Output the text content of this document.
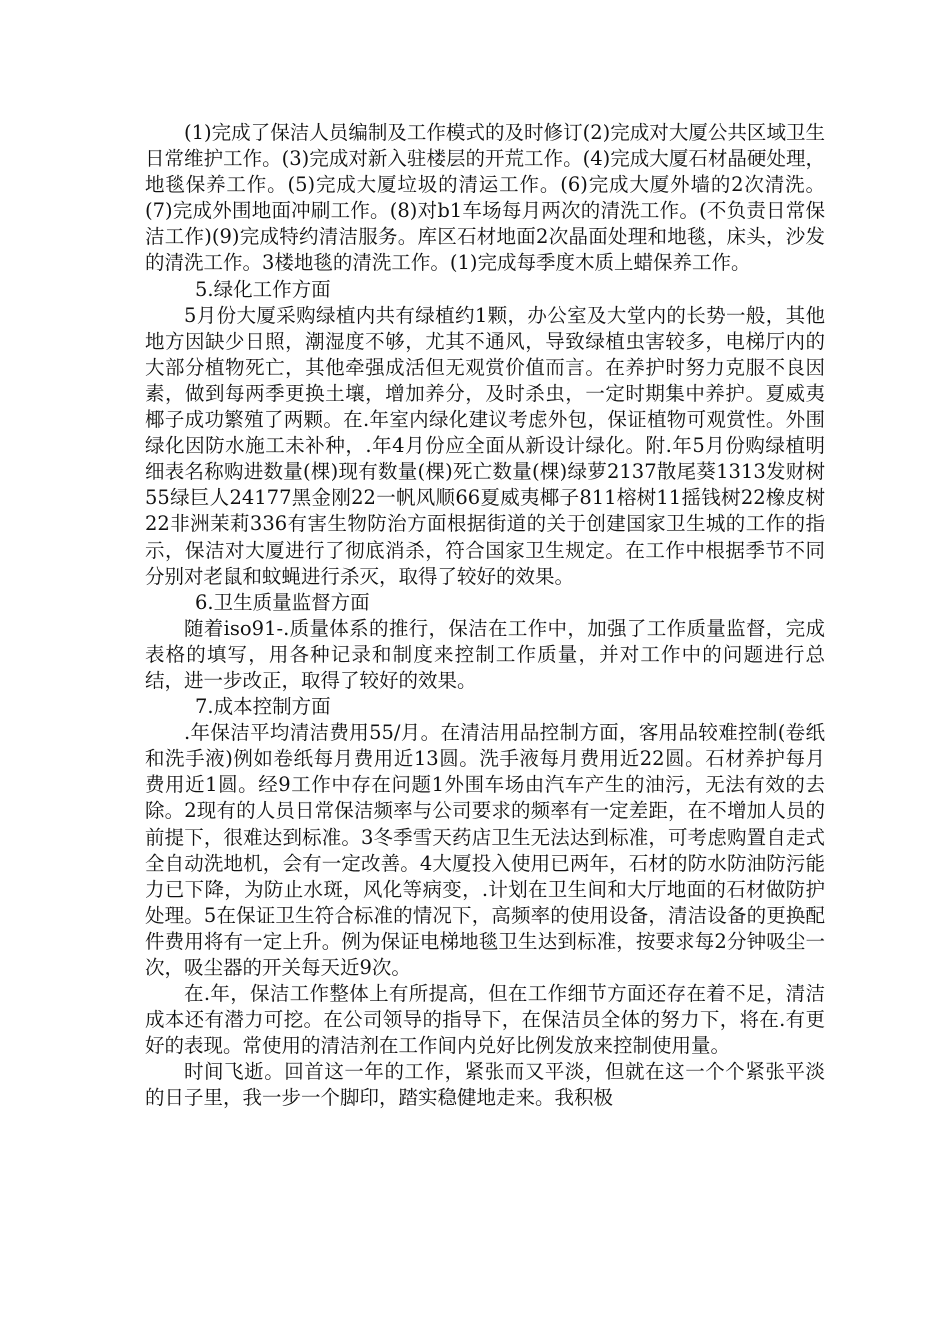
(1)完成了保洁人员编制及工作模式的及时修订(2)完成对大厦公共区域卫生日常维护工作。(3)完成对新入驻楼层的开荒工作。(4)完成大厦石材晶硬处理，地毯保养工作。(5)完成大厦垃圾的清运工作。(6)完成大厦外墙的2次清洗。(7)完成外围地面冲刷工作。(8)对b1车场每月两次的清洗工作。(不负责日常保洁工作)(9)完成特约清洁服务。库区石材地面2次晶面处理和地毯，床头，沙发的清洗工作。3楼地毯的清洗工作。(1)完成每季度木质上蜡保养工作。

5.绿化工作方面

5月份大厦采购绿植内共有绿植约1颗，办公室及大堂内的长势一般，其他地方因缺少日照，潮湿度不够，尤其不通风，导致绿植虫害较多，电梯厅内的大部分植物死亡，其他牵强成活但无观赏价值而言。在养护时努力克服不良因素，做到每两季更换土壤，增加养分，及时杀虫，一定时期集中养护。夏威夷椰子成功繁殖了两颗。在.年室内绿化建议考虑外包，保证植物可观赏性。外围绿化因防水施工未补种，.年4月份应全面从新设计绿化。附.年5月份购绿植明细表名称购进数量(棵)现有数量(棵)死亡数量(棵)绿萝2137散尾葵1313发财树55绿巨人24177黑金刚22一帆风顺66夏威夷椰子811榕树11摇钱树22橡皮树22非洲茉莉336有害生物防治方面根据街道的关于创建国家卫生城的工作的指示，保洁对大厦进行了彻底消杀，符合国家卫生规定。在工作中根据季节不同分别对老鼠和蚊蝇进行杀灭，取得了较好的效果。

6.卫生质量监督方面

随着iso91-.质量体系的推行，保洁在工作中，加强了工作质量监督，完成表格的填写，用各种记录和制度来控制工作质量，并对工作中的问题进行总结，进一步改正，取得了较好的效果。

7.成本控制方面

.年保洁平均清洁费用55/月。在清洁用品控制方面，客用品较难控制(卷纸和洗手液)例如卷纸每月费用近13圆。洗手液每月费用近22圆。石材养护每月费用近1圆。经9工作中存在问题1外围车场由汽车产生的油污，无法有效的去除。2现有的人员日常保洁频率与公司要求的频率有一定差距，在不增加人员的前提下，很难达到标准。3冬季雪天药店卫生无法达到标准，可考虑购置自走式全自动洗地机，会有一定改善。4大厦投入使用已两年，石材的防水防油防污能力已下降，为防止水斑，风化等病变，.计划在卫生间和大厅地面的石材做防护处理。5在保证卫生符合标准的情况下，高频率的使用设备，清洁设备的更换配件费用将有一定上升。例为保证电梯地毯卫生达到标准，按要求每2分钟吸尘一次，吸尘器的开关每天近9次。

在.年，保洁工作整体上有所提高，但在工作细节方面还存在着不足，清洁成本还有潜力可挖。在公司领导的指导下，在保洁员全体的努力下，将在.有更好的表现。常使用的清洁剂在工作间内兑好比例发放来控制使用量。

时间飞逝。回首这一年的工作，紧张而又平淡，但就在这一个个紧张平淡的日子里，我一步一个脚印，踏实稳健地走来。我积极
